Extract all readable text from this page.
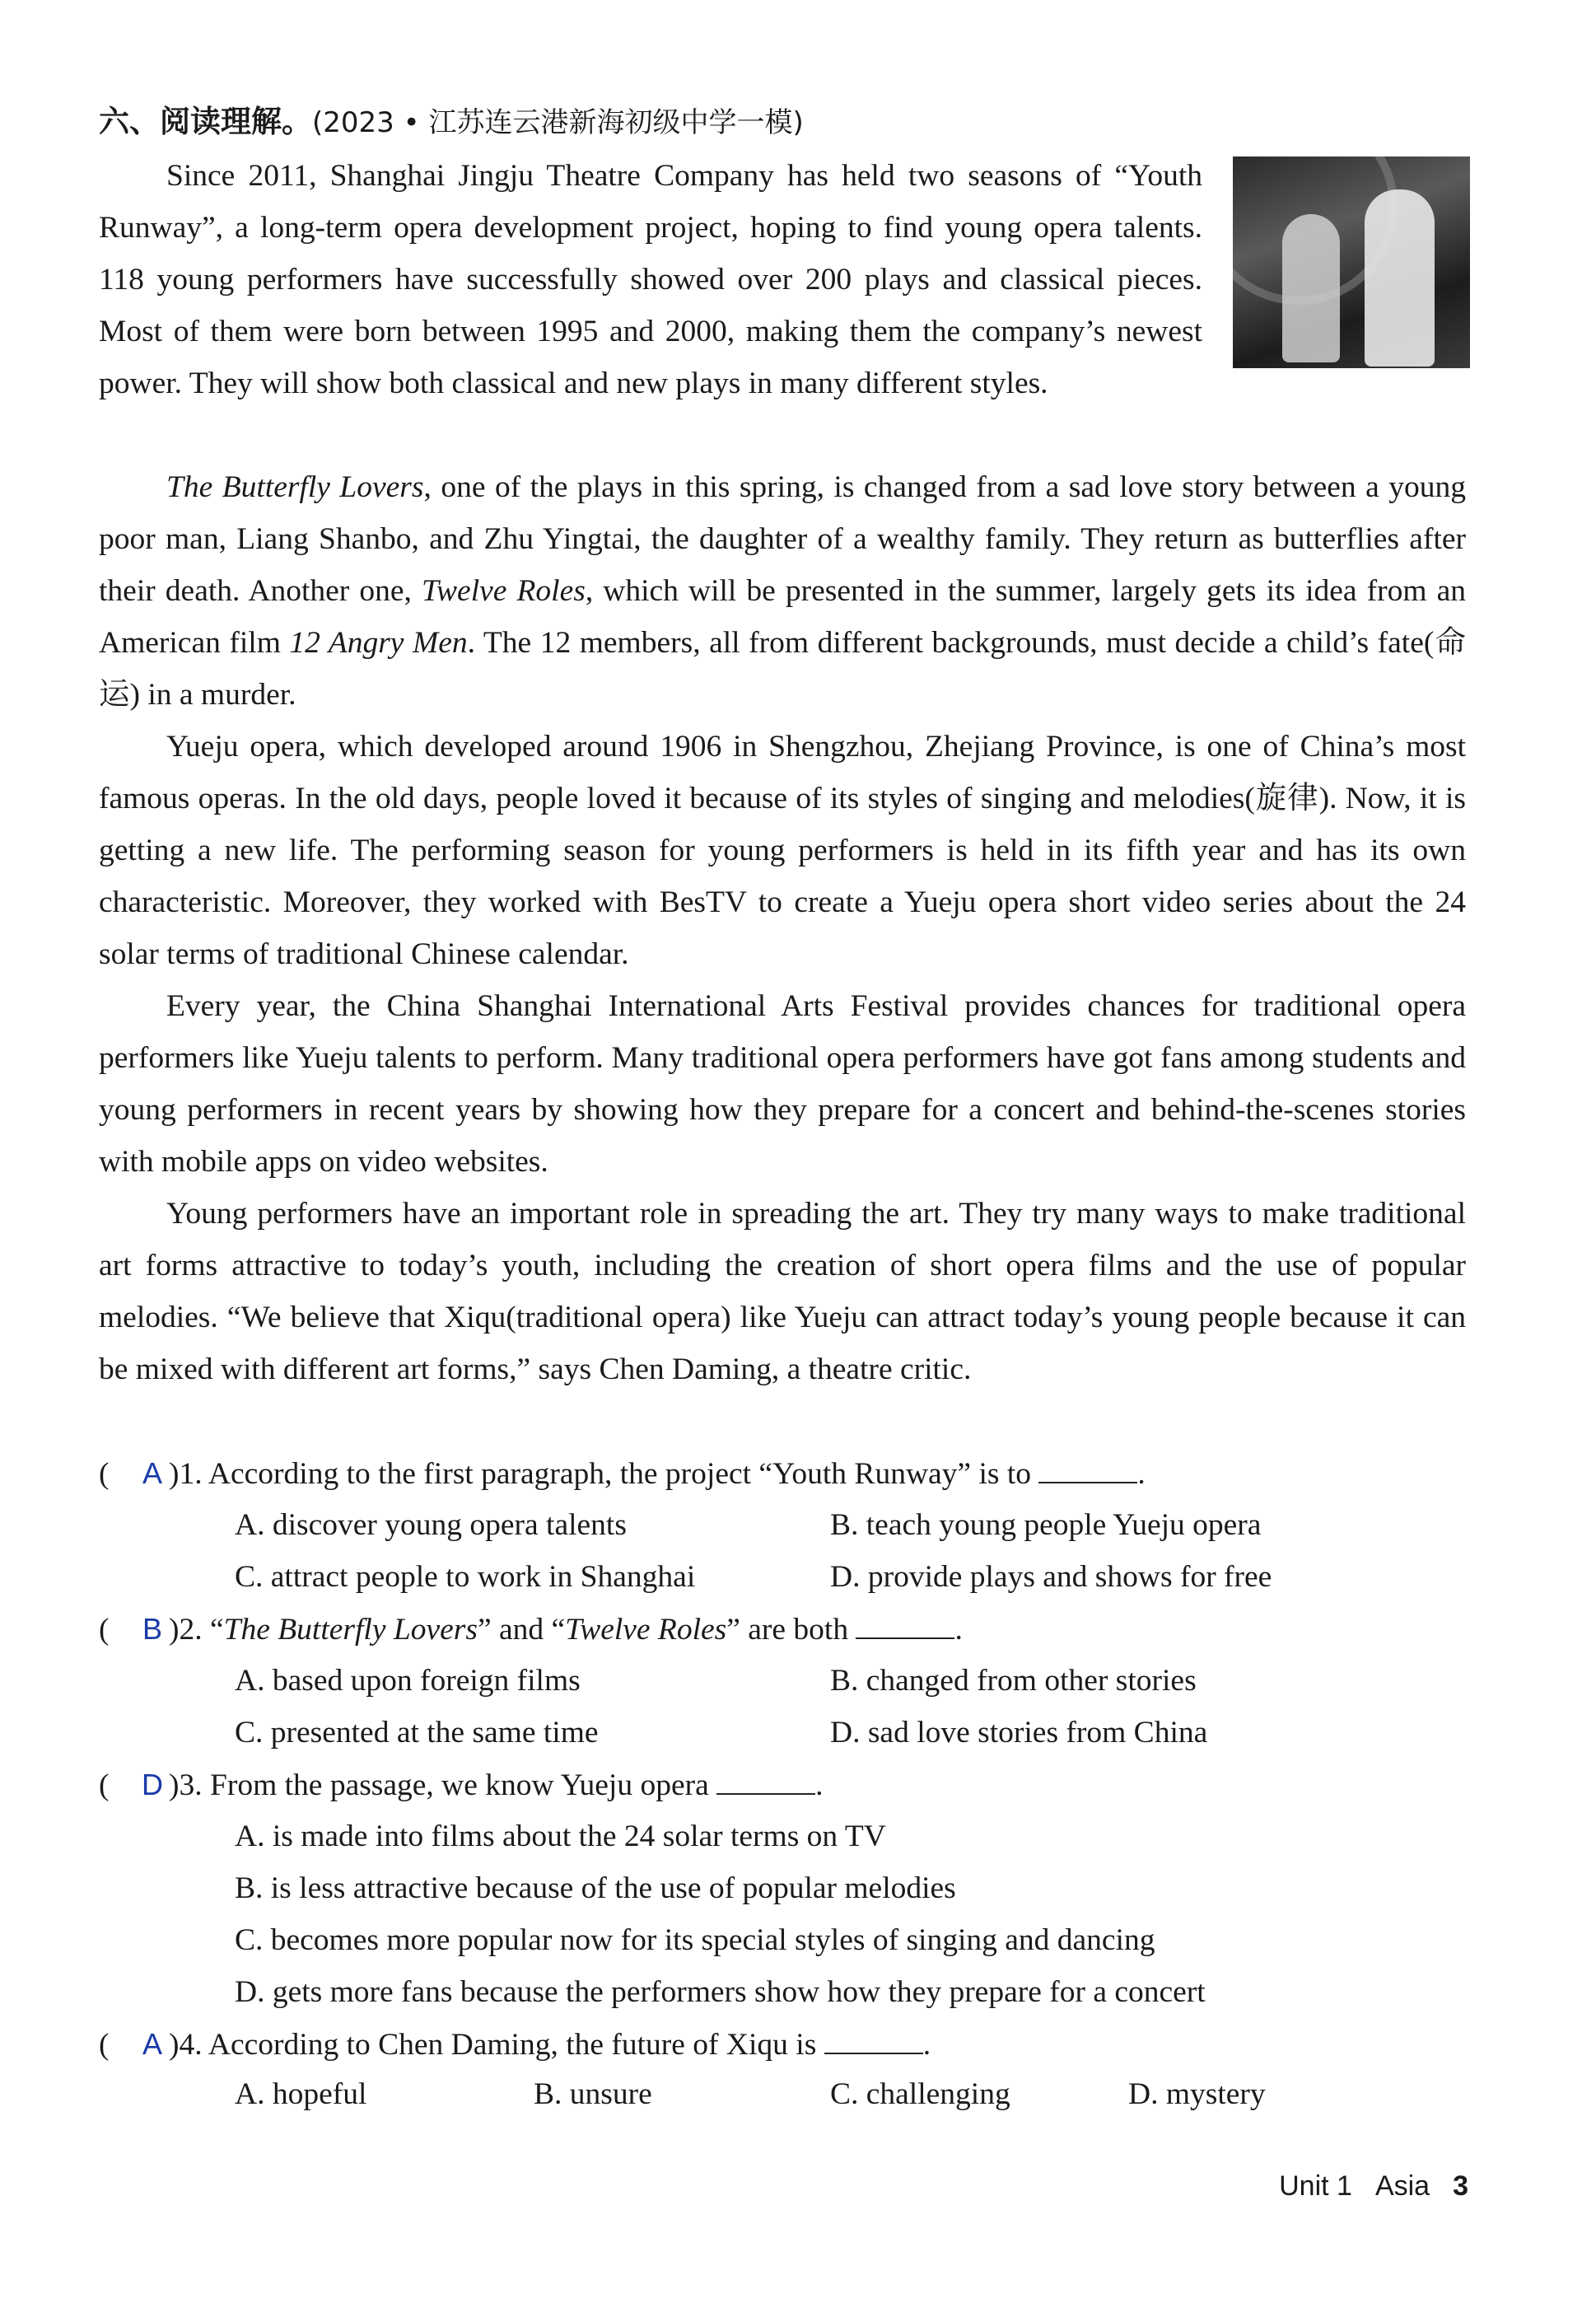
六、阅读理解。(2023 • 江苏连云港新海初级中学一模)

Since 2011, Shanghai Jingju Theatre Company has held two seasons of “Youth Runway”, a long-term opera development project, hoping to find young opera talents. 118 young performers have successfully showed over 200 plays and classical pieces. Most of them were born between 1995 and 2000, making them the company’s newest power. They will show both classical and new plays in many different styles.

The Butterfly Lovers, one of the plays in this spring, is changed from a sad love story between a young poor man, Liang Shanbo, and Zhu Yingtai, the daughter of a wealthy family. They return as butterflies after their death. Another one, Twelve Roles, which will be presented in the summer, largely gets its idea from an American film 12 Angry Men. The 12 members, all from different backgrounds, must decide a child’s fate(命运) in a murder.

Yueju opera, which developed around 1906 in Shengzhou, Zhejiang Province, is one of China’s most famous operas. In the old days, people loved it because of its styles of singing and melodies(旋律). Now, it is getting a new life. The performing season for young performers is held in its fifth year and has its own characteristic. Moreover, they worked with BesTV to create a Yueju opera short video series about the 24 solar terms of traditional Chinese calendar.

Every year, the China Shanghai International Arts Festival provides chances for traditional opera performers like Yueju talents to perform. Many traditional opera performers have got fans among students and young performers in recent years by showing how they prepare for a concert and behind-the-scenes stories with mobile apps on video websites.

Young performers have an important role in spreading the art. They try many ways to make traditional art forms attractive to today’s youth, including the creation of short opera films and the use of popular melodies. “We believe that Xiqu(traditional opera) like Yueju can attract today’s young people because it can be mixed with different art forms,” says Chen Daming, a theatre critic.

( A )1. According to the first paragraph, the project “Youth Runway” is to	.
A. discover young opera talents	B. teach young people Yueju opera
C. attract people to work in Shanghai	D. provide plays and shows for free
( B )2. “The Butterfly Lovers” and “Twelve Roles” are both	.
A. based upon foreign films	B. changed from other stories
C. presented at the same time	D. sad love stories from China
( D )3. From the passage, we know Yueju opera	.
A. is made into films about the 24 solar terms on TV
B. is less attractive because of the use of popular melodies
C. becomes more popular now for its special styles of singing and dancing
D. gets more fans because the performers show how they prepare for a concert
( A )4. According to Chen Daming, the future of Xiqu is	.
A. hopeful	B. unsure	C. challenging	D. mystery
Unit 1 Asia 3
